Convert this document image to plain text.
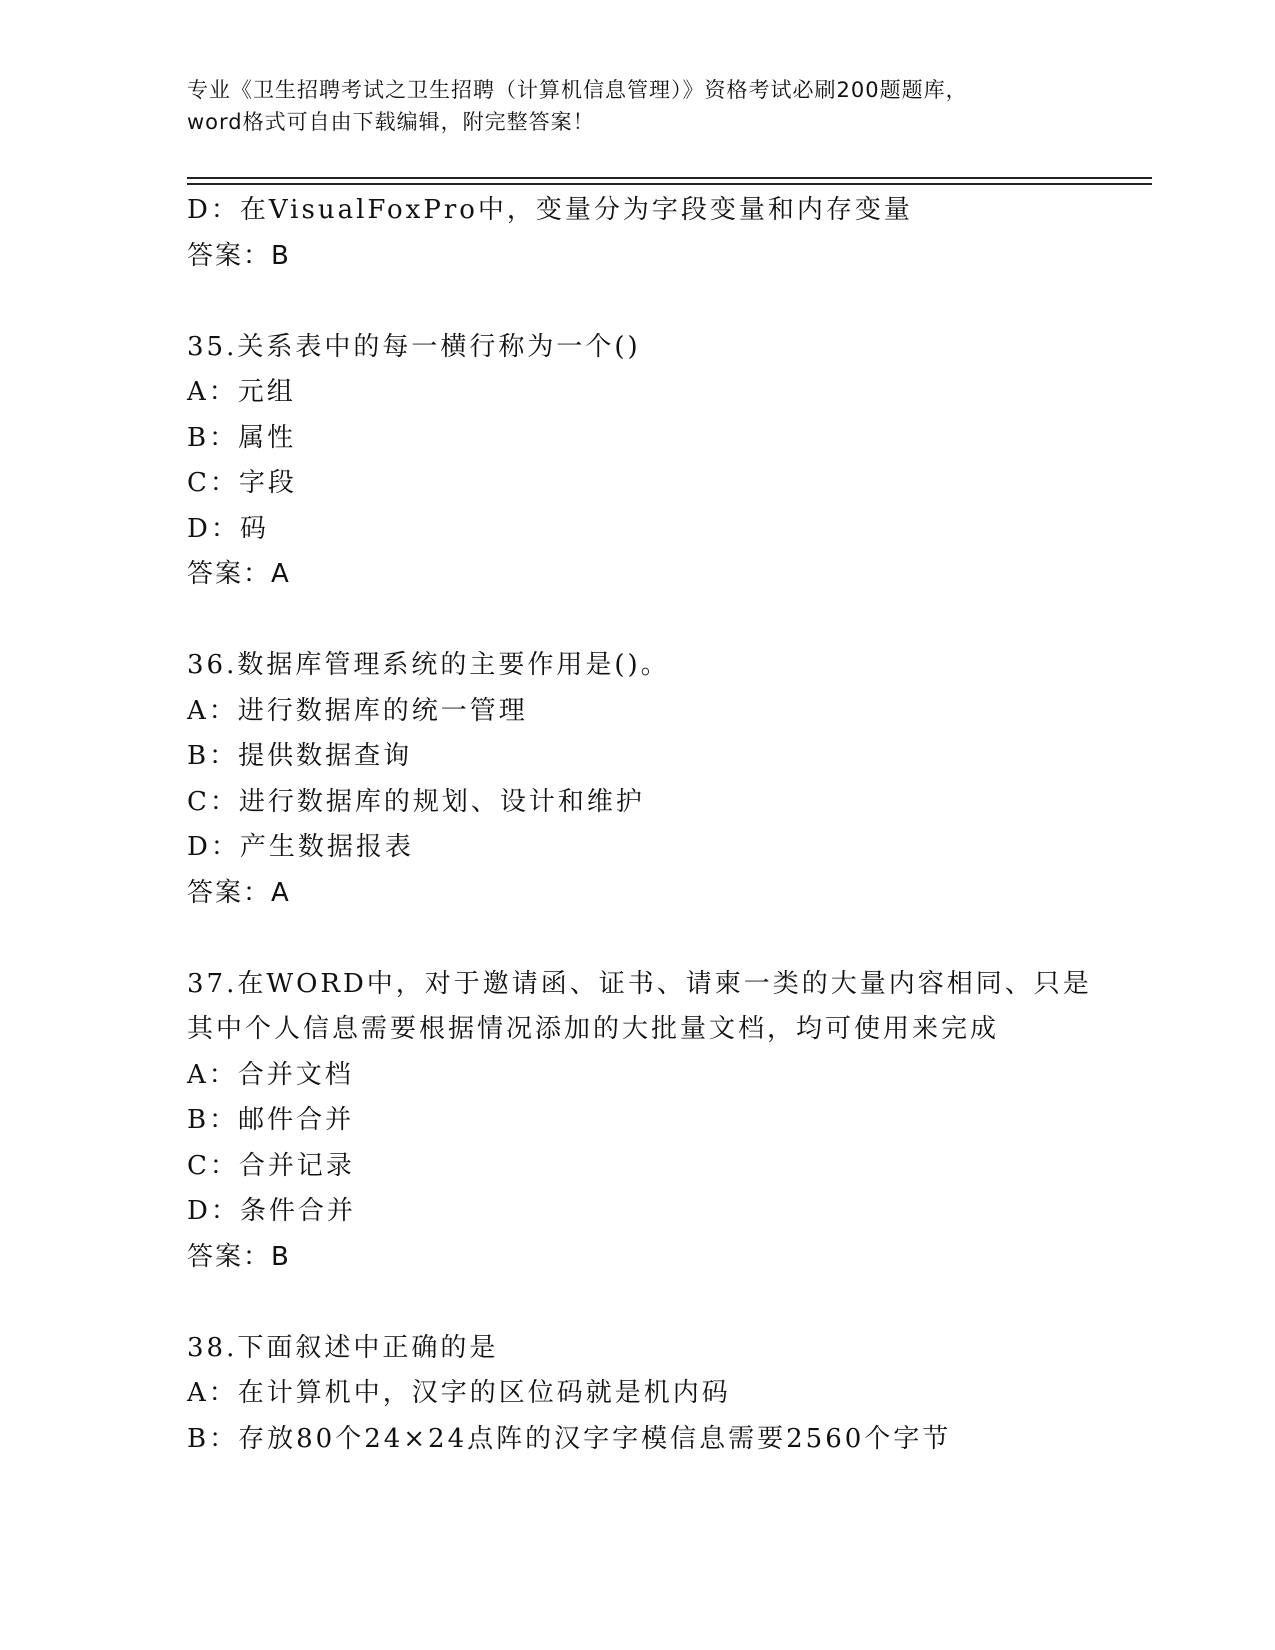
专业《卫生招聘考试之卫生招聘（计算机信息管理）》资格考试必刷200题题库，
word格式可自由下载编辑，附完整答案！
D：在VisualFoxPro中，变量分为字段变量和内存变量
答案：B
35.关系表中的每一横行称为一个()
A：元组
B：属性
C：字段
D：码
答案：A
36.数据库管理系统的主要作用是()。
A：进行数据库的统一管理
B：提供数据查询
C：进行数据库的规划、设计和维护
D：产生数据报表
答案：A
37.在WORD中，对于邀请函、证书、请柬一类的大量内容相同、只是
其中个人信息需要根据情况添加的大批量文档，均可使用来完成
A：合并文档
B：邮件合并
C：合并记录
D：条件合并
答案：B
38.下面叙述中正确的是
A：在计算机中，汉字的区位码就是机内码
B：存放80个24×24点阵的汉字字模信息需要2560个字节
